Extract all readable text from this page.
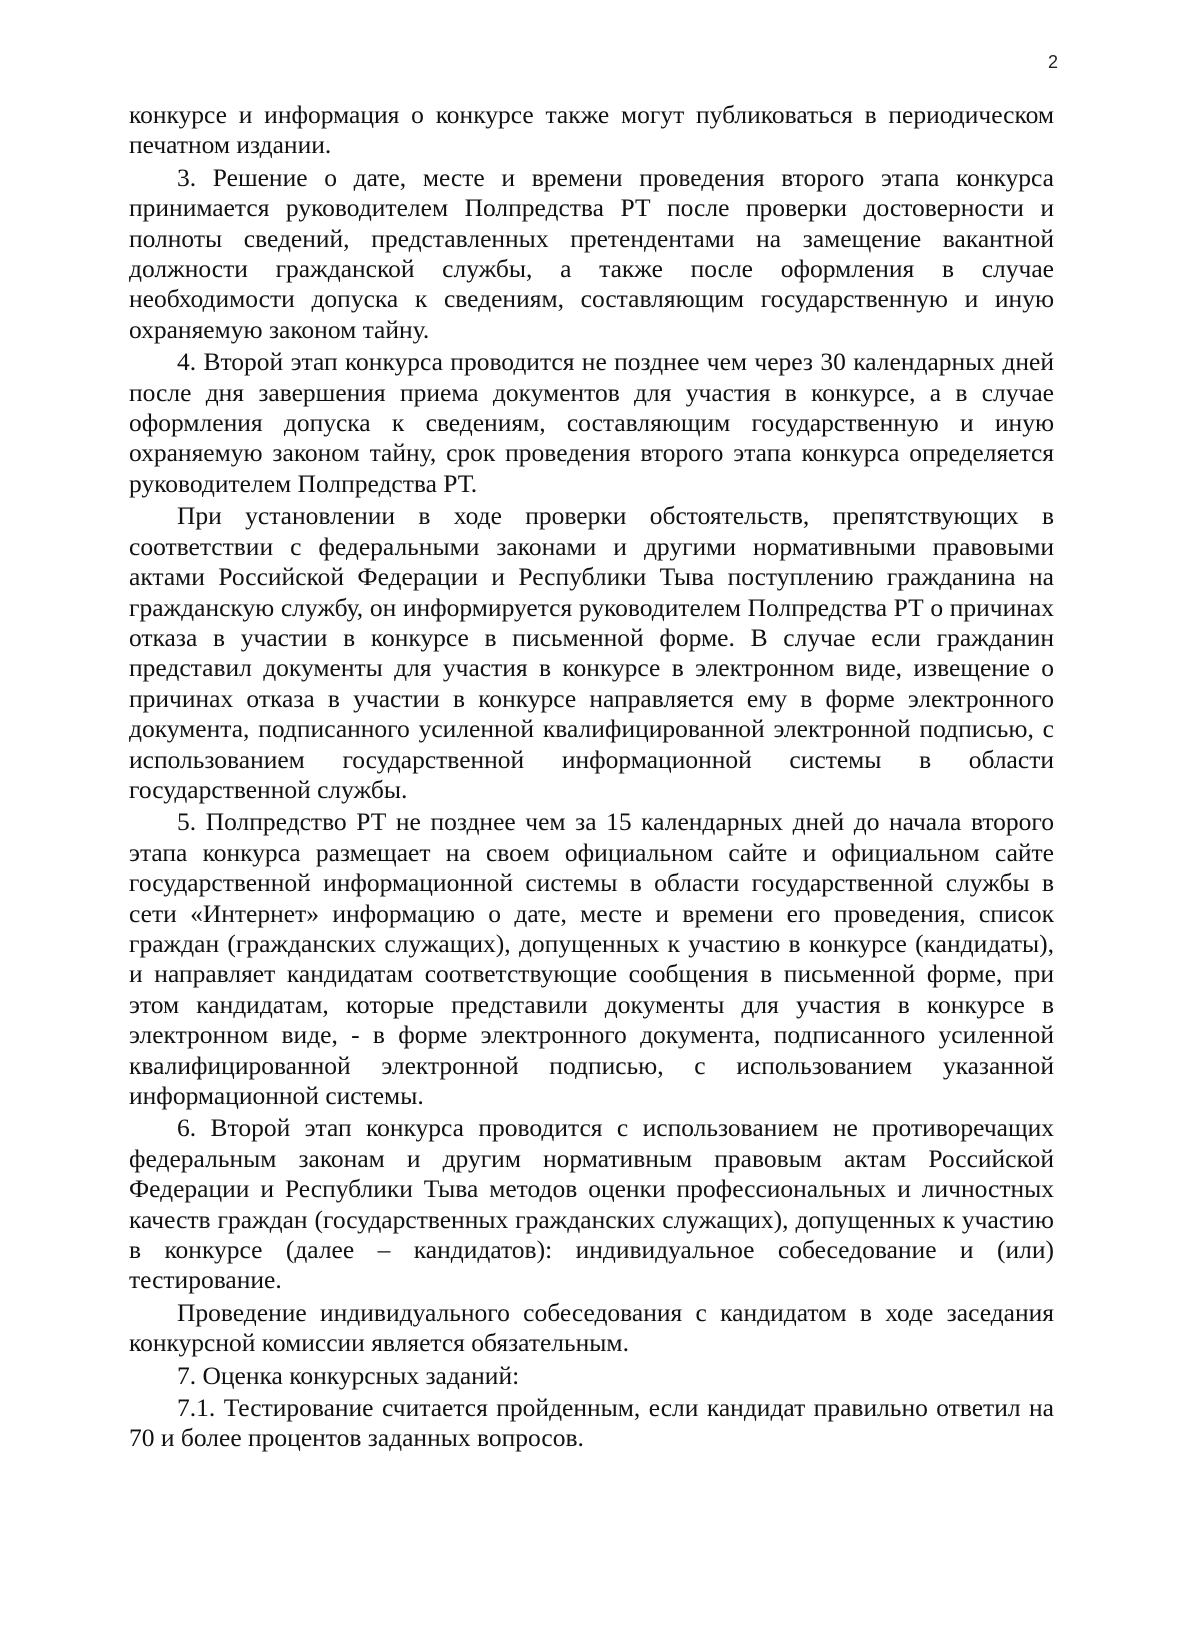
2

конкурсе и информация о конкурсе также могут публиковаться в периодическом печатном издании.

3. Решение о дате, месте и времени проведения второго этапа конкурса принимается руководителем Полпредства РТ после проверки достоверности и полноты сведений, представленных претендентами на замещение вакантной должности гражданской службы, а также после оформления в случае необходимости допуска к сведениям, составляющим государственную и иную охраняемую законом тайну.

4. Второй этап конкурса проводится не позднее чем через 30 календарных дней после дня завершения приема документов для участия в конкурсе, а в случае оформления допуска к сведениям, составляющим государственную и иную охраняемую законом тайну, срок проведения второго этапа конкурса определяется руководителем Полпредства РТ.

При установлении в ходе проверки обстоятельств, препятствующих в соответствии с федеральными законами и другими нормативными правовыми актами Российской Федерации и Республики Тыва поступлению гражданина на гражданскую службу, он информируется руководителем Полпредства РТ о причинах отказа в участии в конкурсе в письменной форме. В случае если гражданин представил документы для участия в конкурсе в электронном виде, извещение о причинах отказа в участии в конкурсе направляется ему в форме электронного документа, подписанного усиленной квалифицированной электронной подписью, с использованием государственной информационной системы в области государственной службы.

5. Полпредство РТ не позднее чем за 15 календарных дней до начала второго этапа конкурса размещает на своем официальном сайте и официальном сайте государственной информационной системы в области государственной службы в сети «Интернет» информацию о дате, месте и времени его проведения, список граждан (гражданских служащих), допущенных к участию в конкурсе (кандидаты), и направляет кандидатам соответствующие сообщения в письменной форме, при этом кандидатам, которые представили документы для участия в конкурсе в электронном виде, - в форме электронного документа, подписанного усиленной квалифицированной электронной подписью, с использованием указанной информационной системы.

6. Второй этап конкурса проводится с использованием не противоречащих федеральным законам и другим нормативным правовым актам Российской Федерации и Республики Тыва методов оценки профессиональных и личностных качеств граждан (государственных гражданских служащих), допущенных к участию в конкурсе (далее – кандидатов): индивидуальное собеседование и (или) тестирование.

Проведение индивидуального собеседования с кандидатом в ходе заседания конкурсной комиссии является обязательным.

7. Оценка конкурсных заданий:

7.1. Тестирование считается пройденным, если кандидат правильно ответил на 70 и более процентов заданных вопросов.
